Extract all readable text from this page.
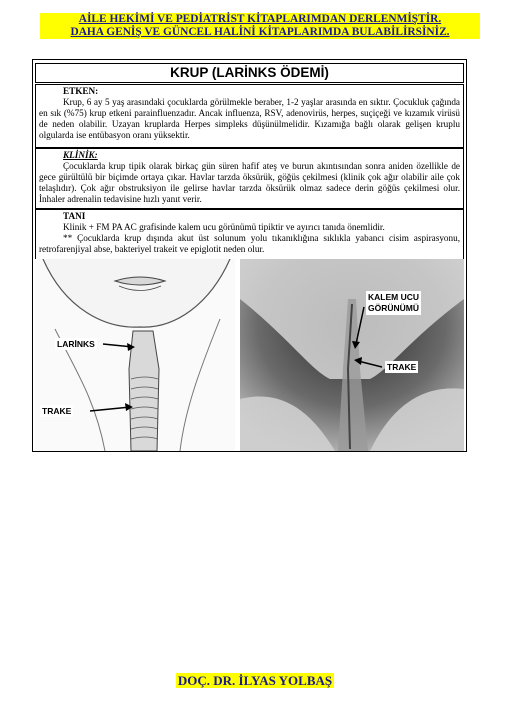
AİLE HEKİMİ VE PEDİATRİST KİTAPLARIMDAN DERLENMİŞTİR.
DAHA GENİŞ VE GÜNCEL HALİNİ KİTAPLARIMDA BULABİLİRSİNİZ.
KRUP (LARİNKS ÖDEMİ)
ETKEN:
Krup, 6 ay 5 yaş arasındaki çocuklarda görülmekle beraber, 1-2 yaşlar arasında en sıktır. Çocukluk çağında en sık (%75) krup etkeni parainfluenzadır. Ancak influenza, RSV, adenovirüs, herpes, suçiçeği ve kızamık virüsü de neden olabilir. Uzayan kruplarda Herpes simpleks düşünülmelidir. Kızamığa bağlı olarak gelişen kruplu olgularda ise entübasyon oranı yüksektir.
KLİNİK:
Çocuklarda krup tipik olarak birkaç gün süren hafif ateş ve burun akıntısından sonra aniden özellikle de gece gürültülü bir biçimde ortaya çıkar. Havlar tarzda öksürük, göğüs çekilmesi (klinik çok ağır olabilir aile çok telaşlıdır). Çok ağır obstruksiyon ile gelirse havlar tarzda öksürük olmaz sadece derin göğüs çekilmesi olur. İnhaler adrenalin tedavisine hızlı yanıt verir.
TANI
Klinik + FM PA AC grafisinde kalem ucu görünümü tipiktir ve ayırıcı tanıda önemlidir.
** Çocuklarda krup dışında akut üst solunum yolu tıkanıklığına sıklıkla yabancı cisim aspirasyonu, retrofarenjiyal abse, bakteriyel trakeit ve epiglotit neden olur.
LARİNKS
TRAKE
KALEM UCU
GÖRÜNÜMÜ
TRAKE
DOÇ. DR. İLYAS YOLBAŞ
